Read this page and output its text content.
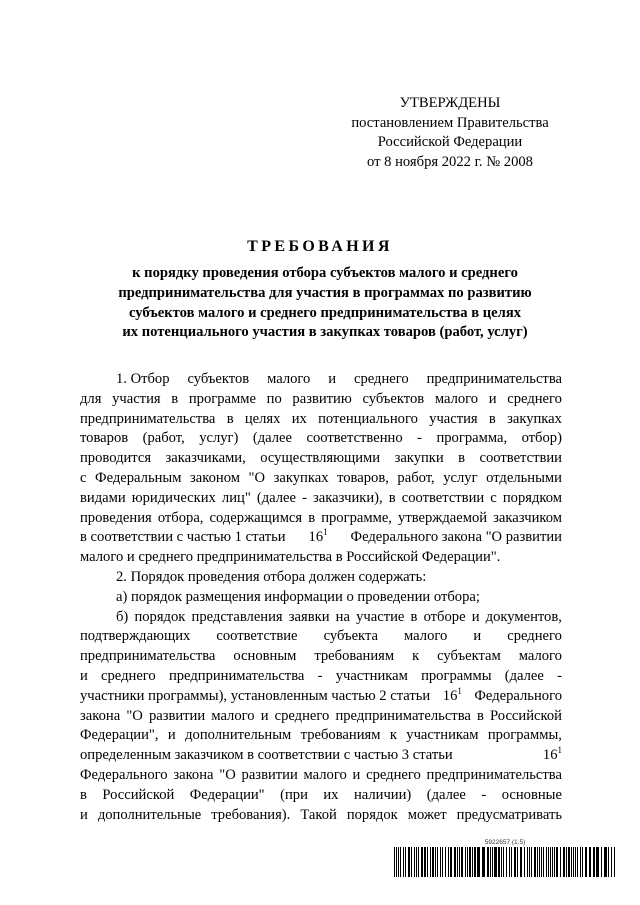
УТВЕРЖДЕНЫ
постановлением Правительства
Российской Федерации
от 8 ноября 2022 г. № 2008
ТРЕБОВАНИЯ
к порядку проведения отбора субъектов малого и среднего
предпринимательства для участия в программах по развитию
субъектов малого и среднего предпринимательства в целях
их потенциального участия в закупках товаров (работ, услуг)
1. Отбор субъектов малого и среднего предпринимательства
для участия в программе по развитию субъектов малого и среднего
предпринимательства в целях их потенциального участия в закупках
товаров (работ, услуг) (далее соответственно - программа, отбор)
проводится заказчиками, осуществляющими закупки в соответствии
с Федеральным законом "О закупках товаров, работ, услуг отдельными
видами юридических лиц" (далее - заказчики), в соответствии с порядком
проведения отбора, содержащимся в программе, утверждаемой заказчиком
в соответствии с частью 1 статьи $16^1$ Федерального закона "О развитии
малого и среднего предпринимательства в Российской Федерации".
2. Порядок проведения отбора должен содержать:
а) порядок размещения информации о проведении отбора;
б) порядок представления заявки на участие в отборе и документов,
подтверждающих соответствие субъекта малого и среднего
предпринимательства основным требованиям к субъектам малого
и среднего предпринимательства - участникам программы (далее -
участники программы), установленным частью 2 статьи $16^1$ Федерального
закона "О развитии малого и среднего предпринимательства в Российской
Федерации", и дополнительным требованиям к участникам программы,
определенным заказчиком в соответствии с частью 3 статьи	$16^1$
Федерального закона "О развитии малого и среднего предпринимательства
в Российской Федерации" (при их наличии) (далее - основные
и дополнительные требования). Такой порядок может предусматривать
5922657 (1.5)
